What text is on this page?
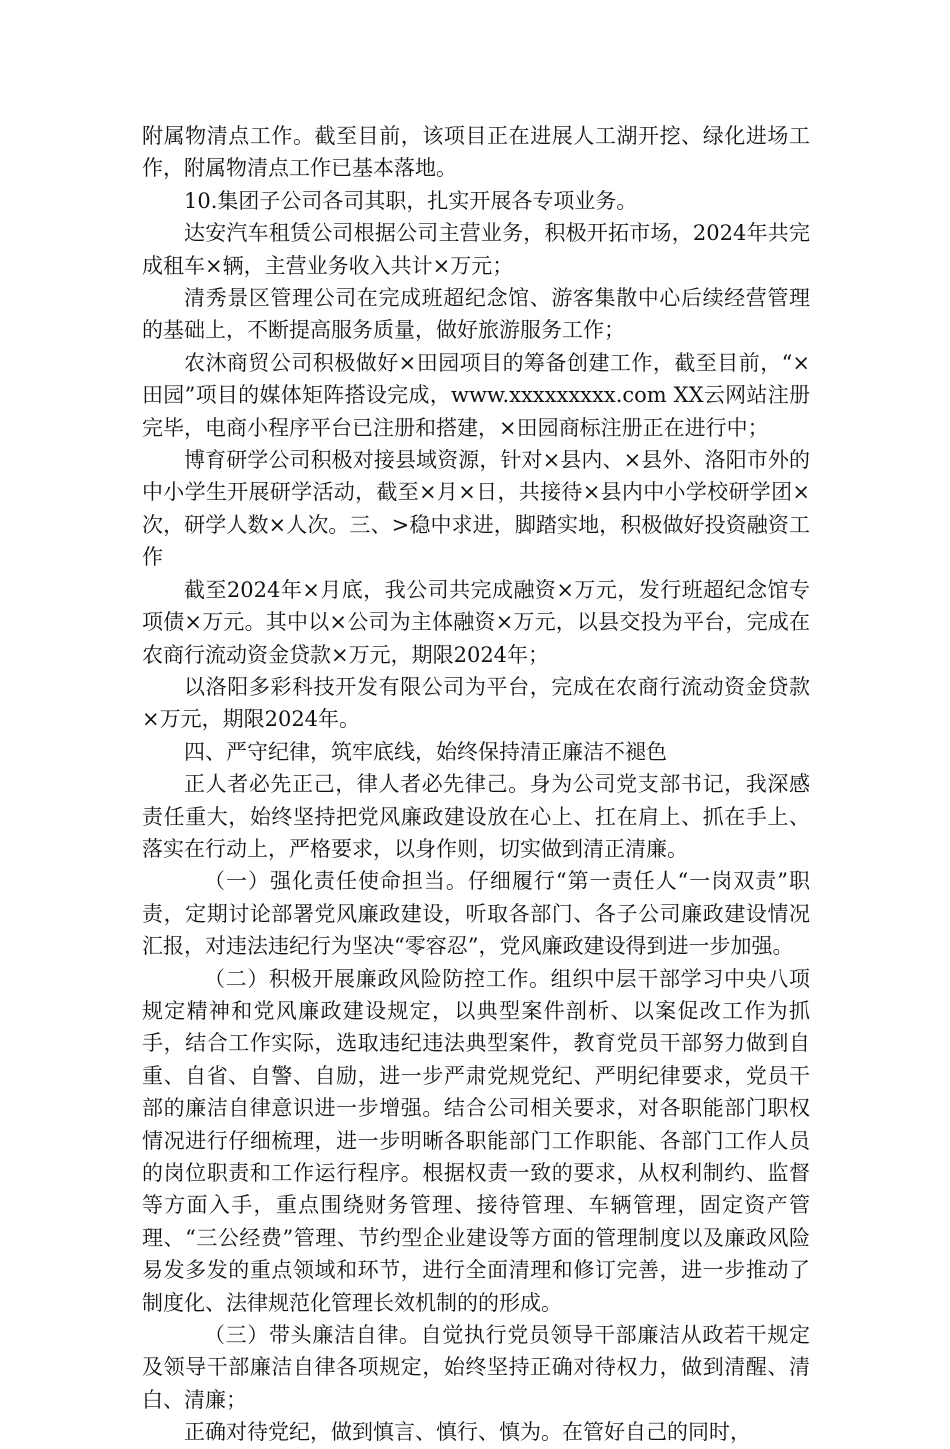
附属物清点工作。截至目前，该项目正在进展人工湖开挖、绿化进场工作，附属物清点工作已基本落地。

10.集团子公司各司其职，扎实开展各专项业务。

达安汽车租赁公司根据公司主营业务，积极开拓市场，2024年共完成租车×辆，主营业务收入共计×万元；

清秀景区管理公司在完成班超纪念馆、游客集散中心后续经营管理的基础上，不断提高服务质量，做好旅游服务工作；

农沐商贸公司积极做好×田园项目的筹备创建工作，截至目前，“×田园”项目的媒体矩阵搭设完成，www.xxxxxxxxx.com XX云网站注册完毕，电商小程序平台已注册和搭建，×田园商标注册正在进行中；

博育研学公司积极对接县域资源，针对×县内、×县外、洛阳市外的中小学生开展研学活动，截至×月×日，共接待×县内中小学校研学团×次，研学人数×人次。三、>稳中求进，脚踏实地，积极做好投资融资工作

截至2024年×月底，我公司共完成融资×万元，发行班超纪念馆专项债×万元。其中以×公司为主体融资×万元，以县交投为平台，完成在农商行流动资金贷款×万元，期限2024年；

以洛阳多彩科技开发有限公司为平台，完成在农商行流动资金贷款×万元，期限2024年。

四、严守纪律，筑牢底线，始终保持清正廉洁不褪色

正人者必先正己，律人者必先律己。身为公司党支部书记，我深感责任重大，始终坚持把党风廉政建设放在心上、扛在肩上、抓在手上、落实在行动上，严格要求，以身作则，切实做到清正清廉。

（一）强化责任使命担当。仔细履行“第一责任人“一岗双责”职责，定期讨论部署党风廉政建设，听取各部门、各子公司廉政建设情况汇报，对违法违纪行为坚决“零容忍”，党风廉政建设得到进一步加强。

（二）积极开展廉政风险防控工作。组织中层干部学习中央八项规定精神和党风廉政建设规定，以典型案件剖析、以案促改工作为抓手，结合工作实际，选取违纪违法典型案件，教育党员干部努力做到自重、自省、自警、自励，进一步严肃党规党纪、严明纪律要求，党员干部的廉洁自律意识进一步增强。结合公司相关要求，对各职能部门职权情况进行仔细梳理，进一步明晰各职能部门工作职能、各部门工作人员的岗位职责和工作运行程序。根据权责一致的要求，从权利制约、监督等方面入手，重点围绕财务管理、接待管理、车辆管理，固定资产管理、“三公经费”管理、节约型企业建设等方面的管理制度以及廉政风险易发多发的重点领域和环节，进行全面清理和修订完善，进一步推动了制度化、法律规范化管理长效机制的的形成。

（三）带头廉洁自律。自觉执行党员领导干部廉洁从政若干规定及领导干部廉洁自律各项规定，始终坚持正确对待权力，做到清醒、清白、清廉；

正确对待党纪，做到慎言、慎行、慎为。在管好自己的同时，
